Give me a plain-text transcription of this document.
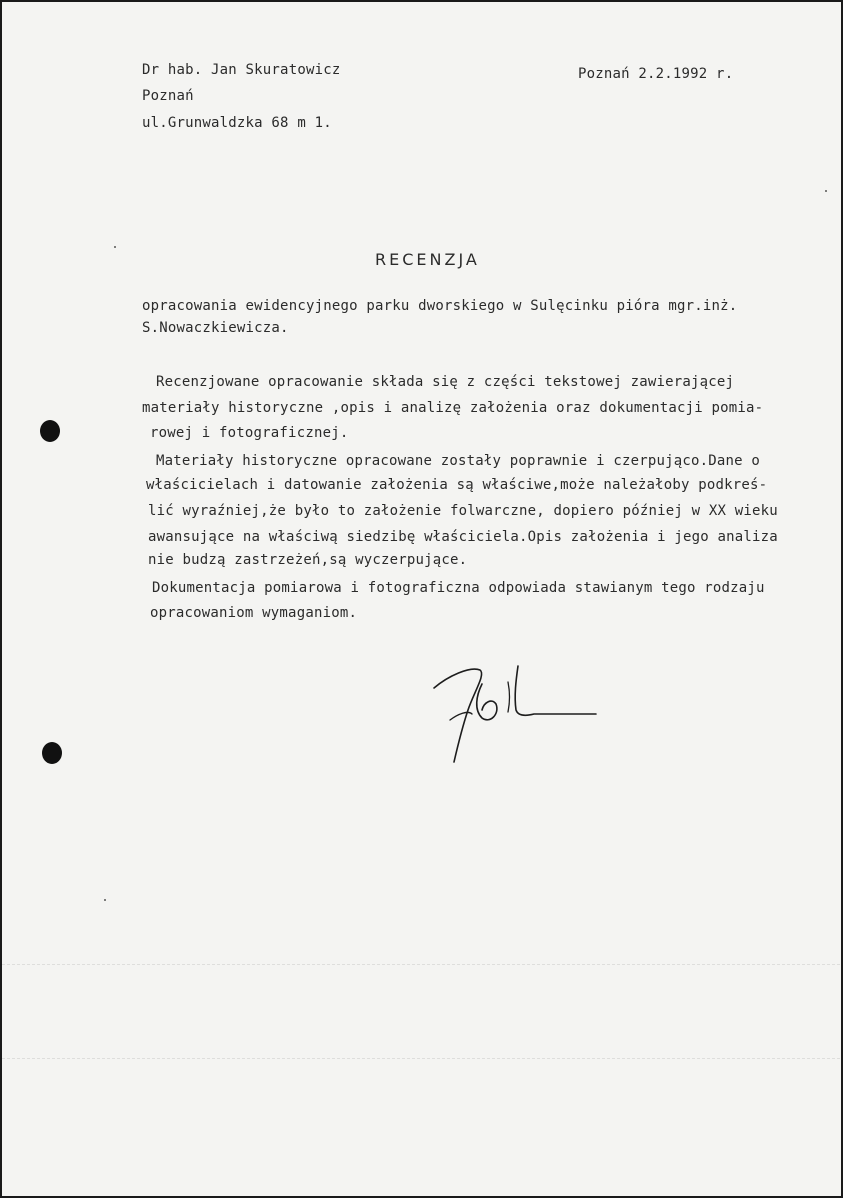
Dr hab. Jan Skuratowicz
Poznań
ul.Grunwaldzka 68 m 1.
Poznań 2.2.1992 r.
RECENZJA
opracowania ewidencyjnego parku dworskiego w Sulęcinku pióra mgr.inż.
S.Nowaczkiewicza.
Recenzjowane opracowanie składa się z części tekstowej zawierającej
materiały historyczne ,opis i analizę założenia oraz dokumentacji pomia-
rowej i fotograficznej.
Materiały historyczne opracowane zostały poprawnie i czerpująco.Dane o
właścicielach i datowanie założenia są właściwe,może należałoby podkreś-
lić wyraźniej,że było to założenie folwarczne, dopiero później w XX wieku
awansujące na właściwą siedzibę właściciela.Opis założenia i jego analiza
nie budzą zastrzeżeń,są wyczerpujące.
Dokumentacja pomiarowa i fotograficzna odpowiada stawianym tego rodzaju
opracowaniom wymaganiom.
